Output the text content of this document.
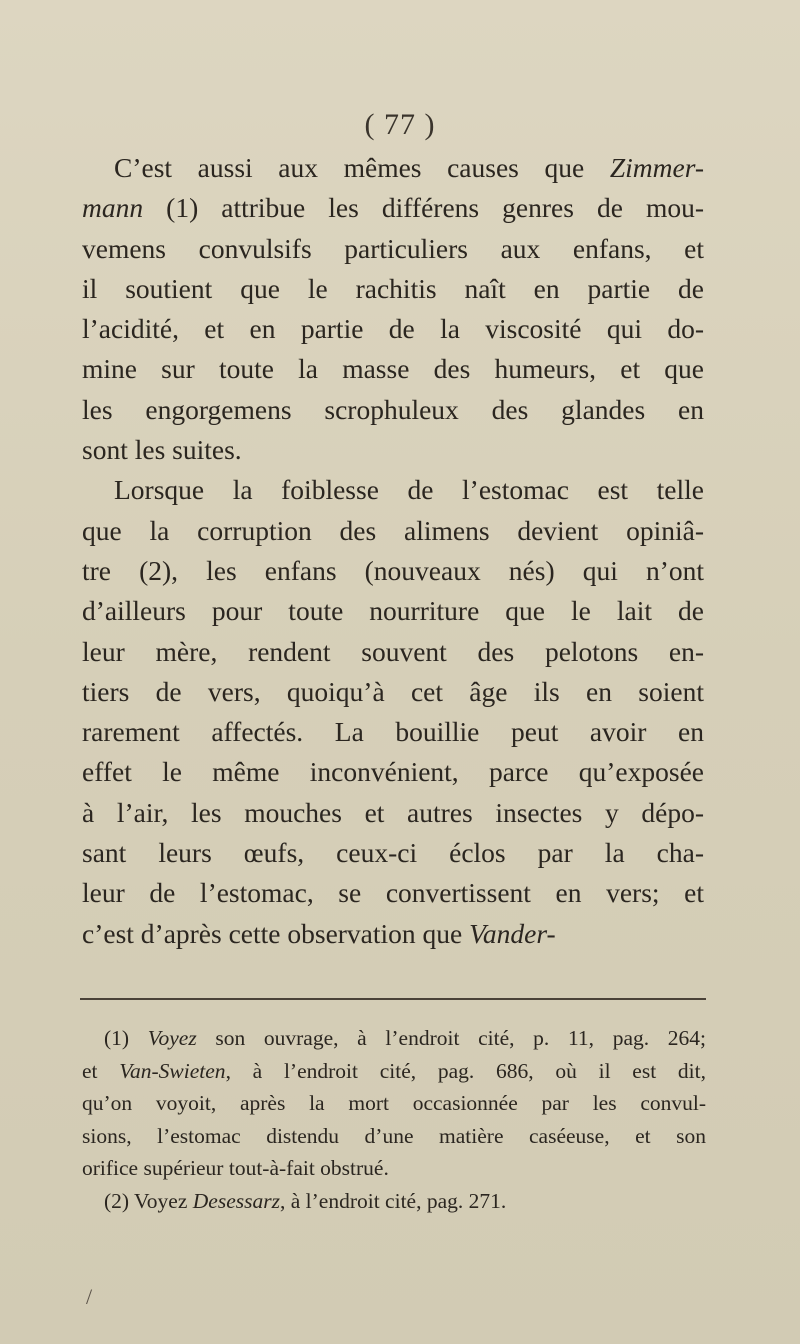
( 77 )
C’est aussi aux mêmes causes que Zimmer-
mann (1) attribue les différens genres de mou-
vemens convulsifs particuliers aux enfans, et
il soutient que le rachitis naît en partie de
l’acidité, et en partie de la viscosité qui do-
mine sur toute la masse des humeurs, et que
les engorgemens scrophuleux des glandes en
sont les suites.
Lorsque la foiblesse de l’estomac est telle
que la corruption des alimens devient opiniâ-
tre (2), les enfans (nouveaux nés) qui n’ont
d’ailleurs pour toute nourriture que le lait de
leur mère, rendent souvent des pelotons en-
tiers de vers, quoiqu’à cet âge ils en soient
rarement affectés. La bouillie peut avoir en
effet le même inconvénient, parce qu’exposée
à l’air, les mouches et autres insectes y dépo-
sant leurs œufs, ceux-ci éclos par la cha-
leur de l’estomac, se convertissent en vers; et
c’est d’après cette observation que Vander-
(1) Voyez son ouvrage, à l’endroit cité, p. 11, pag. 264;
et Van-Swieten, à l’endroit cité, pag. 686, où il est dit,
qu’on voyoit, après la mort occasionnée par les convul-
sions, l’estomac distendu d’une matière caséeuse, et son
orifice supérieur tout-à-fait obstrué.
(2) Voyez Desessarz, à l’endroit cité, pag. 271.
/
